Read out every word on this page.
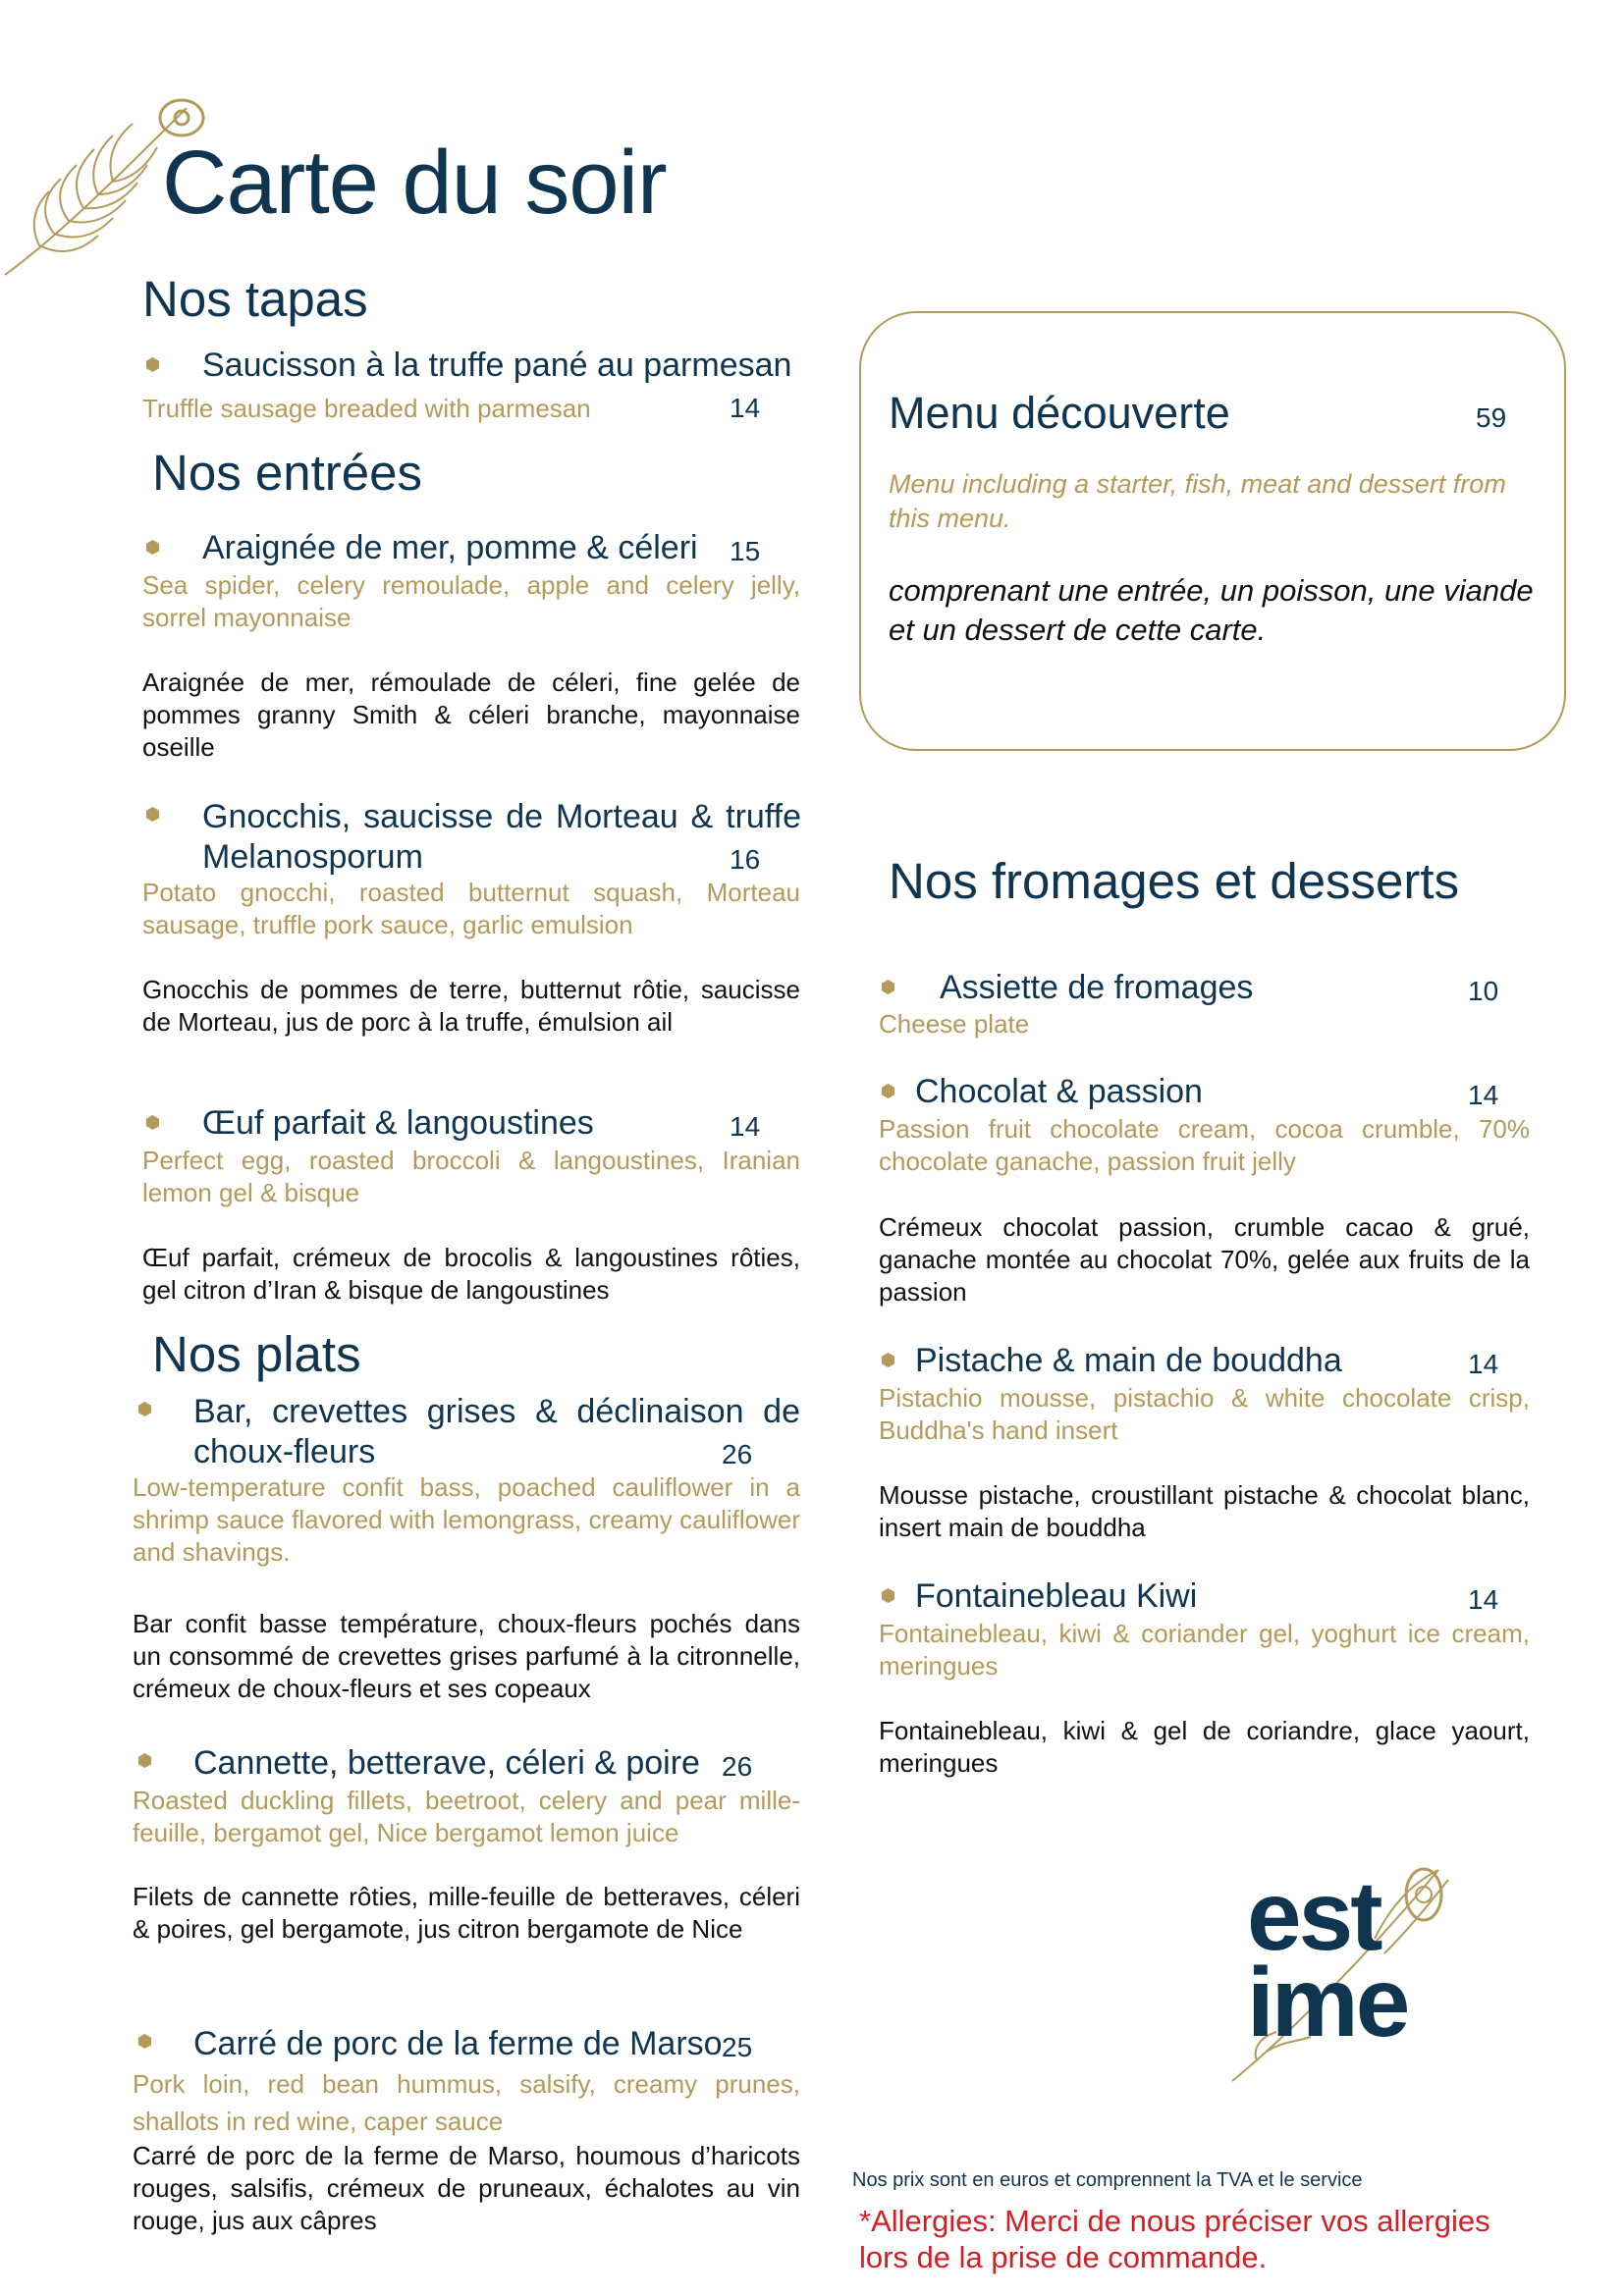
Carte du soir
Nos tapas
Saucisson à la truffe pané au parmesan
Truffle sausage breaded with parmesan	14
Nos entrées
Araignée de mer, pomme & céleri 15
Sea spider, celery remoulade, apple and celery jelly, sorrel mayonnaise
Araignée de mer, rémoulade de céleri, fine gelée de pommes granny Smith & céleri branche, mayonnaise oseille
Gnocchis, saucisse de Morteau & truffe Melanosporum	16
Potato gnocchi, roasted butternut squash, Morteau sausage, truffle pork sauce, garlic emulsion
Gnocchis de pommes de terre, butternut rôtie, saucisse de Morteau, jus de porc à la truffe, émulsion ail
Œuf parfait & langoustines	14
Perfect egg, roasted broccoli & langoustines, Iranian lemon gel & bisque
Œuf parfait, crémeux de brocolis & langoustines rôties, gel citron d’Iran & bisque de langoustines
Nos plats
Bar, crevettes grises & déclinaison de choux-fleurs	26
Low-temperature confit bass, poached cauliflower in a shrimp sauce flavored with lemongrass, creamy cauliflower and shavings.
Bar confit basse température, choux-fleurs pochés dans un consommé de crevettes grises parfumé à la citronnelle, crémeux de choux-fleurs et ses copeaux
Cannette, betterave, céleri & poire 26
Roasted duckling fillets, beetroot, celery and pear mille-feuille, bergamot gel, Nice bergamot lemon juice
Filets de cannette rôties, mille-feuille de betteraves, céleri & poires, gel bergamote, jus citron bergamote de Nice
Carré de porc de la ferme de Marso 25
Pork loin, red bean hummus, salsify, creamy prunes, shallots in red wine, caper sauce
Carré de porc de la ferme de Marso, houmous d’haricots rouges, salsifis, crémeux de pruneaux, échalotes au vin rouge, jus aux câpres
Menu découverte	59
Menu including a starter, fish, meat and dessert from this menu.
comprenant une entrée, un poisson, une viande et un dessert de cette carte.
Nos fromages et desserts
Assiette de fromages	10
Cheese plate
Chocolat & passion	14
Passion fruit chocolate cream, cocoa crumble, 70% chocolate ganache, passion fruit jelly
Crémeux chocolat passion, crumble cacao & grué, ganache montée au chocolat 70%, gelée aux fruits de la passion
Pistache & main de bouddha	14
Pistachio mousse, pistachio & white chocolate crisp, Buddha's hand insert
Mousse pistache, croustillant pistache & chocolat blanc, insert main de bouddha
Fontainebleau Kiwi	14
Fontainebleau, kiwi & coriander gel, yoghurt ice cream, meringues
Fontainebleau, kiwi & gel de coriandre, glace yaourt, meringues
est
ime
Nos prix sont en euros et comprennent la TVA et le service
*Allergies: Merci de nous préciser vos allergies
lors de la prise de commande.
